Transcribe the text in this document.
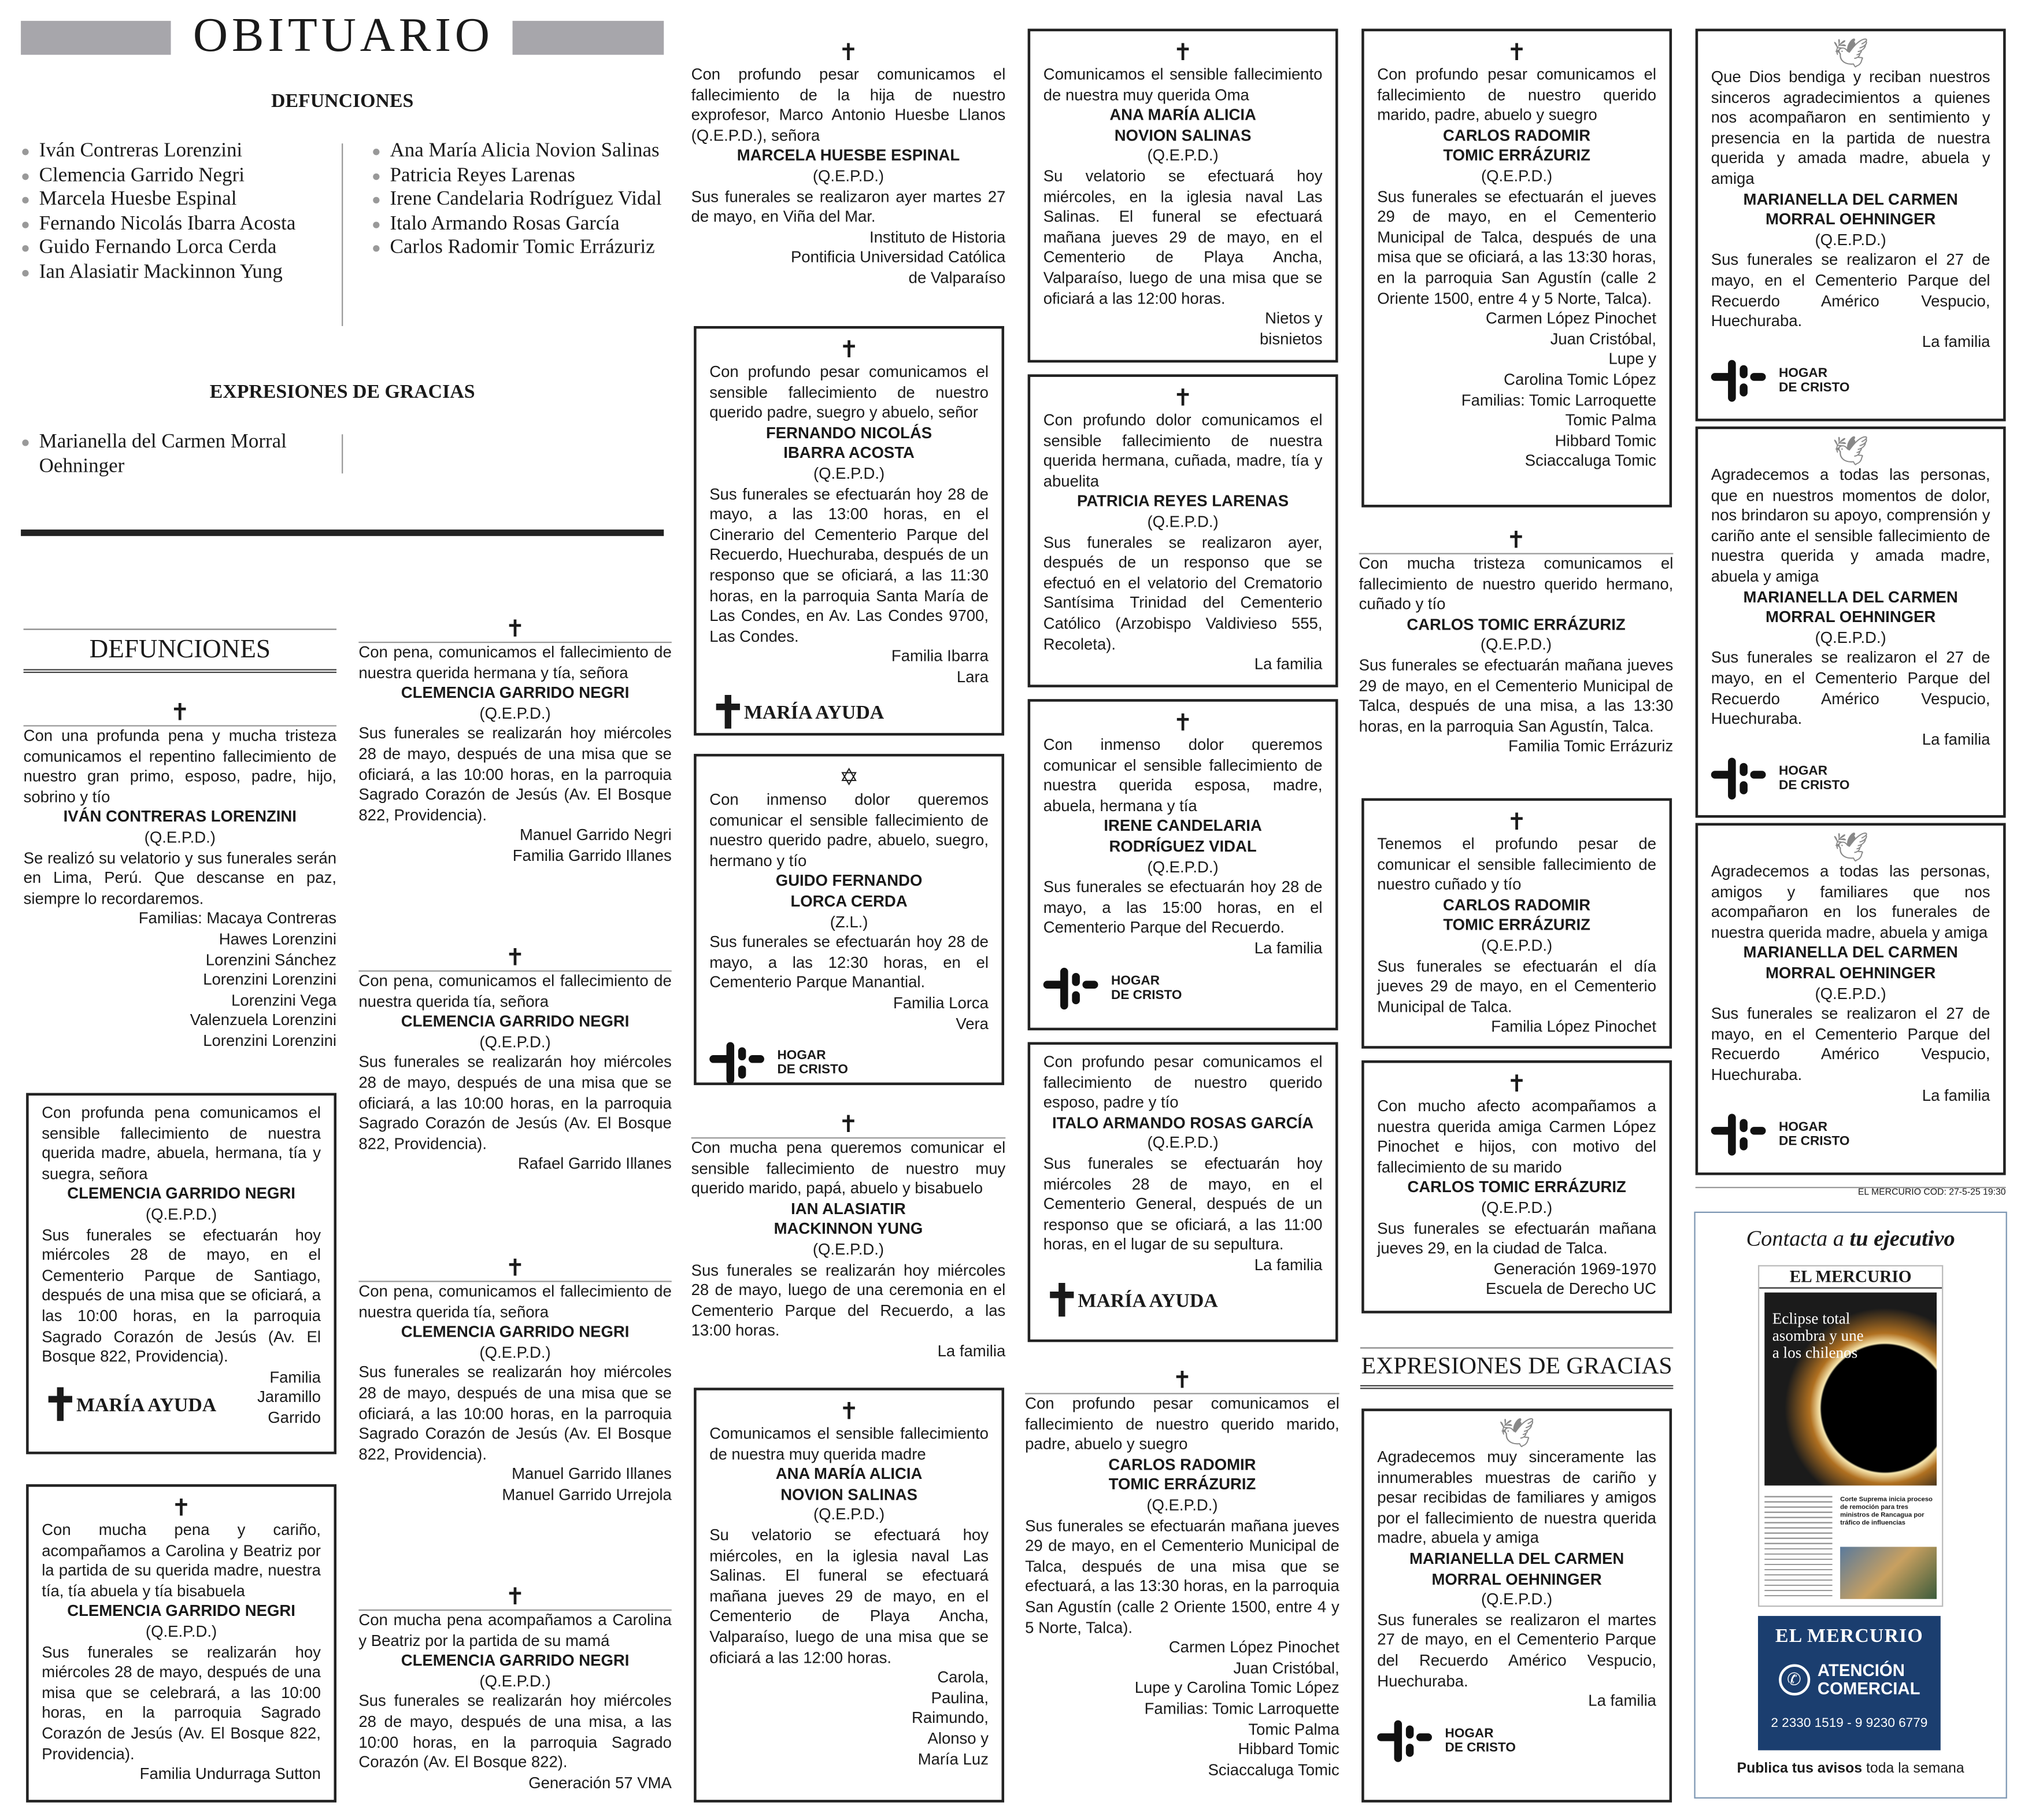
OBITUARIO
DEFUNCIONES
Iván Contreras Lorenzini
Clemencia Garrido Negri
Marcela Huesbe Espinal
Fernando Nicolás Ibarra Acosta
Guido Fernando Lorca Cerda
Ian Alasiatir Mackinnon Yung
Ana María Alicia Novion Salinas
Patricia Reyes Larenas
Irene Candelaria Rodríguez Vidal
Italo Armando Rosas García
Carlos Radomir Tomic Errázuriz
EXPRESIONES DE GRACIAS
Marianella del Carmen Morral Oehninger
DEFUNCIONES
✝

Con una profunda pena y mucha tristeza comunicamos el repentino fallecimiento de nuestro gran primo, esposo, padre, hijo, sobrino y tío

IVÁN CONTRERAS LORENZINI

(Q.E.P.D.)

Se realizó su velatorio y sus funerales serán en Lima, Perú. Que descanse en paz, siempre lo recordaremos.

Familias: Macaya Contreras

Hawes Lorenzini

Lorenzini Sánchez

Lorenzini Lorenzini

Lorenzini Vega

Valenzuela Lorenzini

Lorenzini Lorenzini

Con profunda pena comunicamos el sensible fallecimiento de nuestra querida madre, abuela, hermana, tía y suegra, señora

CLEMENCIA GARRIDO NEGRI

(Q.E.P.D.)

Sus funerales se efectuarán hoy miércoles 28 de mayo, en el Cementerio Parque de Santiago, después de una misa que se oficiará, a las 10:00 horas, en la parroquia Sagrado Corazón de Jesús (Av. El Bosque 822, Providencia).

✝
MARÍA AYUDA

Familia

Jaramillo

Garrido

✝

Con mucha pena y cariño, acompañamos a Carolina y Beatriz por la partida de su querida madre, nuestra tía, tía abuela y tía bisabuela

CLEMENCIA GARRIDO NEGRI

(Q.E.P.D.)

Sus funerales se realizarán hoy miércoles 28 de mayo, después de una misa que se celebrará, a las 10:00 horas, en la parroquia Sagrado Corazón de Jesús (Av. El Bosque 822, Providencia).

Familia Undurraga Sutton

✝

Con pena, comunicamos el fallecimiento de nuestra querida hermana y tía, señora

CLEMENCIA GARRIDO NEGRI

(Q.E.P.D.)

Sus funerales se realizarán hoy miércoles 28 de mayo, después de una misa que se oficiará, a las 10:00 horas, en la parroquia Sagrado Corazón de Jesús (Av. El Bosque 822, Providencia).

Manuel Garrido Negri

Familia Garrido Illanes

✝

Con pena, comunicamos el fallecimiento de nuestra querida tía, señora

CLEMENCIA GARRIDO NEGRI

(Q.E.P.D.)

Sus funerales se realizarán hoy miércoles 28 de mayo, después de una misa que se oficiará, a las 10:00 horas, en la parroquia Sagrado Corazón de Jesús (Av. El Bosque 822, Providencia).

Rafael Garrido Illanes

✝

Con pena, comunicamos el fallecimiento de nuestra querida tía, señora

CLEMENCIA GARRIDO NEGRI

(Q.E.P.D.)

Sus funerales se realizarán hoy miércoles 28 de mayo, después de una misa que se oficiará, a las 10:00 horas, en la parroquia Sagrado Corazón de Jesús (Av. El Bosque 822, Providencia).

Manuel Garrido Illanes

Manuel Garrido Urrejola

✝

Con mucha pena acompañamos a Carolina y Beatriz por la partida de su mamá

CLEMENCIA GARRIDO NEGRI

(Q.E.P.D.)

Sus funerales se realizarán hoy miércoles 28 de mayo, después de una misa, a las 10:00 horas, en la parroquia Sagrado Corazón (Av. El Bosque 822).

Generación 57 VMA

✝

Con profundo pesar comunicamos el fallecimiento de la hija de nuestro exprofesor, Marco Antonio Huesbe Llanos (Q.E.P.D.), señora

MARCELA HUESBE ESPINAL

(Q.E.P.D.)

Sus funerales se realizaron ayer martes 27 de mayo, en Viña del Mar.

Instituto de Historia

Pontificia Universidad Católica

de Valparaíso

✝

Con profundo pesar comunicamos el sensible fallecimiento de nuestro querido padre, suegro y abuelo, señor

FERNANDO NICOLÁS

IBARRA ACOSTA

(Q.E.P.D.)

Sus funerales se efectuarán hoy 28 de mayo, a las 13:00 horas, en el Cinerario del Cementerio Parque del Recuerdo, Huechuraba, después de un responso que se oficiará, a las 11:30 horas, en la parroquia Santa María de Las Condes, en Av. Las Condes 9700, Las Condes.

Familia Ibarra

Lara

✝
MARÍA AYUDA
✡

Con inmenso dolor queremos comunicar el sensible fallecimiento de nuestro querido padre, abuelo, suegro, hermano y tío

GUIDO FERNANDO

LORCA CERDA

(Z.L.)

Sus funerales se efectuarán hoy 28 de mayo, a las 12:30 horas, en el Cementerio Parque Manantial.

Familia Lorca

Vera

HOGAR
DE CRISTO
✝

Con mucha pena queremos comunicar el sensible fallecimiento de nuestro muy querido marido, papá, abuelo y bisabuelo

IAN ALASIATIR

MACKINNON YUNG

(Q.E.P.D.)

Sus funerales se realizarán hoy miércoles 28 de mayo, luego de una ceremonia en el Cementerio Parque del Recuerdo, a las 13:00 horas.

La familia

✝

Comunicamos el sensible fallecimiento de nuestra muy querida madre

ANA MARÍA ALICIA

NOVION SALINAS

(Q.E.P.D.)

Su velatorio se efectuará hoy miércoles, en la iglesia naval Las Salinas. El funeral se efectuará mañana jueves 29 de mayo, en el Cementerio de Playa Ancha, Valparaíso, luego de una misa que se oficiará a las 12:00 horas.

Carola,

Paulina,

Raimundo,

Alonso y

María Luz

✝

Comunicamos el sensible fallecimiento de nuestra muy querida Oma

ANA MARÍA ALICIA

NOVION SALINAS

(Q.E.P.D.)

Su velatorio se efectuará hoy miércoles, en la iglesia naval Las Salinas. El funeral se efectuará mañana jueves 29 de mayo, en el Cementerio de Playa Ancha, Valparaíso, luego de una misa que se oficiará a las 12:00 horas.

Nietos y

bisnietos

✝

Con profundo dolor comunicamos el sensible fallecimiento de nuestra querida hermana, cuñada, madre, tía y abuelita

PATRICIA REYES LARENAS

(Q.E.P.D.)

Sus funerales se realizaron ayer, después de un responso que se efectuó en el velatorio del Crematorio Santísima Trinidad del Cementerio Católico (Arzobispo Valdivieso 555, Recoleta).

La familia

✝

Con inmenso dolor queremos comunicar el sensible fallecimiento de nuestra querida esposa, madre, abuela, hermana y tía

IRENE CANDELARIA

RODRÍGUEZ VIDAL

(Q.E.P.D.)

Sus funerales se efectuarán hoy 28 de mayo, a las 15:00 horas, en el Cementerio Parque del Recuerdo.

La familia

HOGAR
DE CRISTO

Con profundo pesar comunicamos el fallecimiento de nuestro querido esposo, padre y tío

ITALO ARMANDO ROSAS GARCÍA

(Q.E.P.D.)

Sus funerales se efectuarán hoy miércoles 28 de mayo, en el Cementerio General, después de un responso que se oficiará, a las 11:00 horas, en el lugar de su sepultura.

La familia

✝
MARÍA AYUDA
✝

Con profundo pesar comunicamos el fallecimiento de nuestro querido marido, padre, abuelo y suegro

CARLOS RADOMIR

TOMIC ERRÁZURIZ

(Q.E.P.D.)

Sus funerales se efectuarán mañana jueves 29 de mayo, en el Cementerio Municipal de Talca, después de una misa que se efectuará, a las 13:30 horas, en la parroquia San Agustín (calle 2 Oriente 1500, entre 4 y 5 Norte, Talca).

Carmen López Pinochet

Juan Cristóbal,

Lupe y Carolina Tomic López

Familias: Tomic Larroquette

Tomic Palma

Hibbard Tomic

Sciaccaluga Tomic

✝

Con profundo pesar comunicamos el fallecimiento de nuestro querido marido, padre, abuelo y suegro

CARLOS RADOMIR

TOMIC ERRÁZURIZ

(Q.E.P.D.)

Sus funerales se efectuarán el jueves 29 de mayo, en el Cementerio Municipal de Talca, después de una misa que se oficiará, a las 13:30 horas, en la parroquia San Agustín (calle 2 Oriente 1500, entre 4 y 5 Norte, Talca).

Carmen López Pinochet

Juan Cristóbal,

Lupe y

Carolina Tomic López

Familias: Tomic Larroquette

Tomic Palma

Hibbard Tomic

Sciaccaluga Tomic

✝

Con mucha tristeza comunicamos el fallecimiento de nuestro querido hermano, cuñado y tío

CARLOS TOMIC ERRÁZURIZ

(Q.E.P.D.)

Sus funerales se efectuarán mañana jueves 29 de mayo, en el Cementerio Municipal de Talca, después de una misa, a las 13:30 horas, en la parroquia San Agustín, Talca.

Familia Tomic Errázuriz

✝

Tenemos el profundo pesar de comunicar el sensible fallecimiento de nuestro cuñado y tío

CARLOS RADOMIR

TOMIC ERRÁZURIZ

(Q.E.P.D.)

Sus funerales se efectuarán el día jueves 29 de mayo, en el Cementerio Municipal de Talca.

Familia López Pinochet

✝

Con mucho afecto acompañamos a nuestra querida amiga Carmen López Pinochet e hijos, con motivo del fallecimiento de su marido

CARLOS TOMIC ERRÁZURIZ

(Q.E.P.D.)

Sus funerales se efectuarán mañana jueves 29, en la ciudad de Talca.

Generación 1969-1970

Escuela de Derecho UC

EXPRESIONES DE GRACIAS
🕊

Agradecemos muy sinceramente las innumerables muestras de cariño y pesar recibidas de familiares y amigos por el fallecimiento de nuestra querida madre, abuela y amiga

MARIANELLA DEL CARMEN

MORRAL OEHNINGER

(Q.E.P.D.)

Sus funerales se realizaron el martes 27 de mayo, en el Cementerio Parque del Recuerdo Américo Vespucio, Huechuraba.

La familia

HOGAR
DE CRISTO
🕊

Que Dios bendiga y reciban nuestros sinceros agradecimientos a quienes nos acompañaron en sentimiento y presencia en la partida de nuestra querida y amada madre, abuela y amiga

MARIANELLA DEL CARMEN

MORRAL OEHNINGER

(Q.E.P.D.)

Sus funerales se realizaron el 27 de mayo, en el Cementerio Parque del Recuerdo Américo Vespucio, Huechuraba.

La familia

HOGAR
DE CRISTO
🕊

Agradecemos a todas las personas, que en nuestros momentos de dolor, nos brindaron su apoyo, comprensión y cariño ante el sensible fallecimiento de nuestra querida y amada madre, abuela y amiga

MARIANELLA DEL CARMEN

MORRAL OEHNINGER

(Q.E.P.D.)

Sus funerales se realizaron el 27 de mayo, en el Cementerio Parque del Recuerdo Américo Vespucio, Huechuraba.

La familia

HOGAR
DE CRISTO
🕊

Agradecemos a todas las personas, amigos y familiares que nos acompañaron en los funerales de nuestra querida madre, abuela y amiga

MARIANELLA DEL CARMEN

MORRAL OEHNINGER

(Q.E.P.D.)

Sus funerales se realizaron el 27 de mayo, en el Cementerio Parque del Recuerdo Américo Vespucio, Huechuraba.

La familia

HOGAR
DE CRISTO
EL MERCURIO COD: 27-5-25 19:30
Contacta a tu ejecutivo
EL MERCURIO
Eclipse total asombra y une a los chilenos
Corte Suprema inicia proceso de remoción para tres ministros de Rancagua por tráfico de influencias
EL MERCURIO
✆	ATENCIÓN
COMERCIAL
2 2330 1519 - 9 9230 6779
Publica tus avisos toda la semana
